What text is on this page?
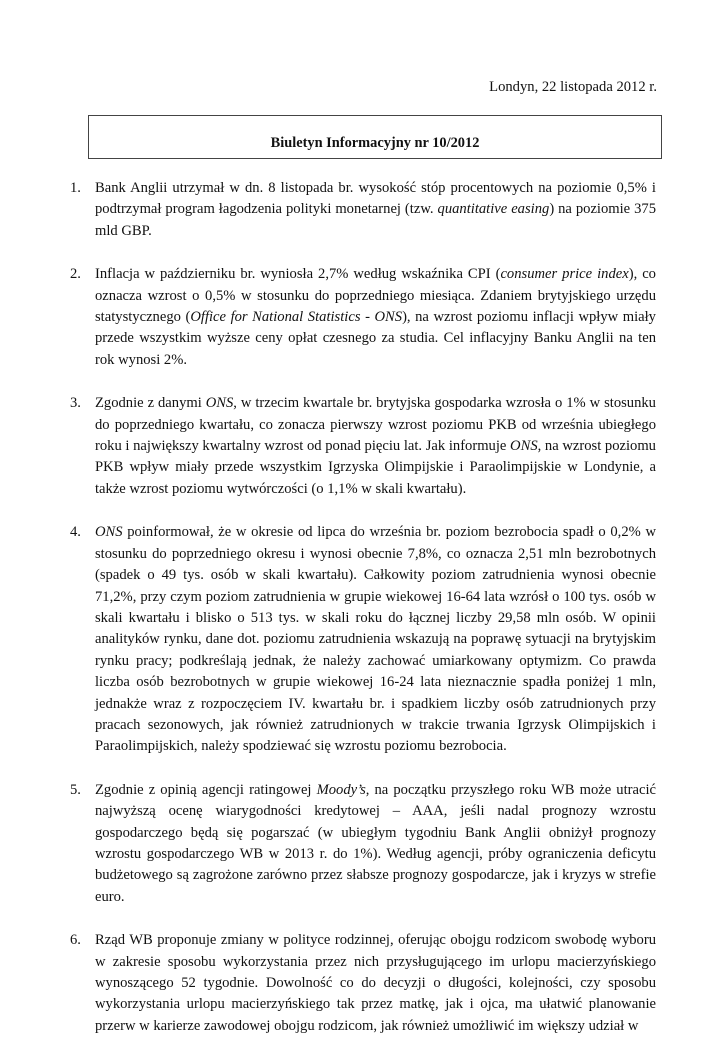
Londyn, 22 listopada 2012 r.
Biuletyn Informacyjny nr 10/2012
1. Bank Anglii utrzymał w dn. 8 listopada br. wysokość stóp procentowych na poziomie 0,5% i podtrzymał program łagodzenia polityki monetarnej (tzw. quantitative easing) na poziomie 375 mld GBP.
2. Inflacja w październiku br. wyniosła 2,7% według wskaźnika CPI (consumer price index), co oznacza wzrost o 0,5% w stosunku do poprzedniego miesiąca. Zdaniem brytyjskiego urzędu statystycznego (Office for National Statistics - ONS), na wzrost poziomu inflacji wpływ miały przede wszystkim wyższe ceny opłat czesnego za studia. Cel inflacyjny Banku Anglii na ten rok wynosi 2%.
3. Zgodnie z danymi ONS, w trzecim kwartale br. brytyjska gospodarka wzrosła o 1% w stosunku do poprzedniego kwartału, co zonacza pierwszy wzrost poziomu PKB od września ubiegłego roku i największy kwartalny wzrost od ponad pięciu lat. Jak informuje ONS, na wzrost poziomu PKB wpływ miały przede wszystkim Igrzyska Olimpijskie i Paraolimpijskie w Londynie, a także wzrost poziomu wytwórczości (o 1,1% w skali kwartału).
4. ONS poinformował, że w okresie od lipca do września br. poziom bezrobocia spadł o 0,2% w stosunku do poprzedniego okresu i wynosi obecnie 7,8%, co oznacza 2,51 mln bezrobotnych (spadek o 49 tys. osób w skali kwartału). Całkowity poziom zatrudnienia wynosi obecnie 71,2%, przy czym poziom zatrudnienia w grupie wiekowej 16-64 lata wzrósł o 100 tys. osób w skali kwartału i blisko o 513 tys. w skali roku do łącznej liczby 29,58 mln osób. W opinii analityków rynku, dane dot. poziomu zatrudnienia wskazują na poprawę sytuacji na brytyjskim rynku pracy; podkreślają jednak, że należy zachować umiarkowany optymizm. Co prawda liczba osób bezrobotnych w grupie wiekowej 16-24 lata nieznacznie spadła poniżej 1 mln, jednakże wraz z rozpoczęciem IV. kwartału br. i spadkiem liczby osób zatrudnionych przy pracach sezonowych, jak również zatrudnionych w trakcie trwania Igrzysk Olimpijskich i Paraolimpijskich, należy spodziewać się wzrostu poziomu bezrobocia.
5. Zgodnie z opinią agencji ratingowej Moody’s, na początku przyszłego roku WB może utracić najwyższą ocenę wiarygodności kredytowej – AAA, jeśli nadal prognozy wzrostu gospodarczego będą się pogarszać (w ubiegłym tygodniu Bank Anglii obniżył prognozy wzrostu gospodarczego WB w 2013 r. do 1%). Według agencji, próby ograniczenia deficytu budżetowego są zagrożone zarówno przez słabsze prognozy gospodarcze, jak i kryzys w strefie euro.
6. Rząd WB proponuje zmiany w polityce rodzinnej, oferując obojgu rodzicom swobodę wyboru w zakresie sposobu wykorzystania przez nich przysługującego im urlopu macierzyńskiego wynoszącego 52 tygodnie. Dowolność co do decyzji o długości, kolejności, czy sposobu wykorzystania urlopu macierzyńskiego tak przez matkę, jak i ojca, ma ułatwić planowanie przerw w karierze zawodowej obojgu rodzicom, jak również umożliwić im większy udział w
